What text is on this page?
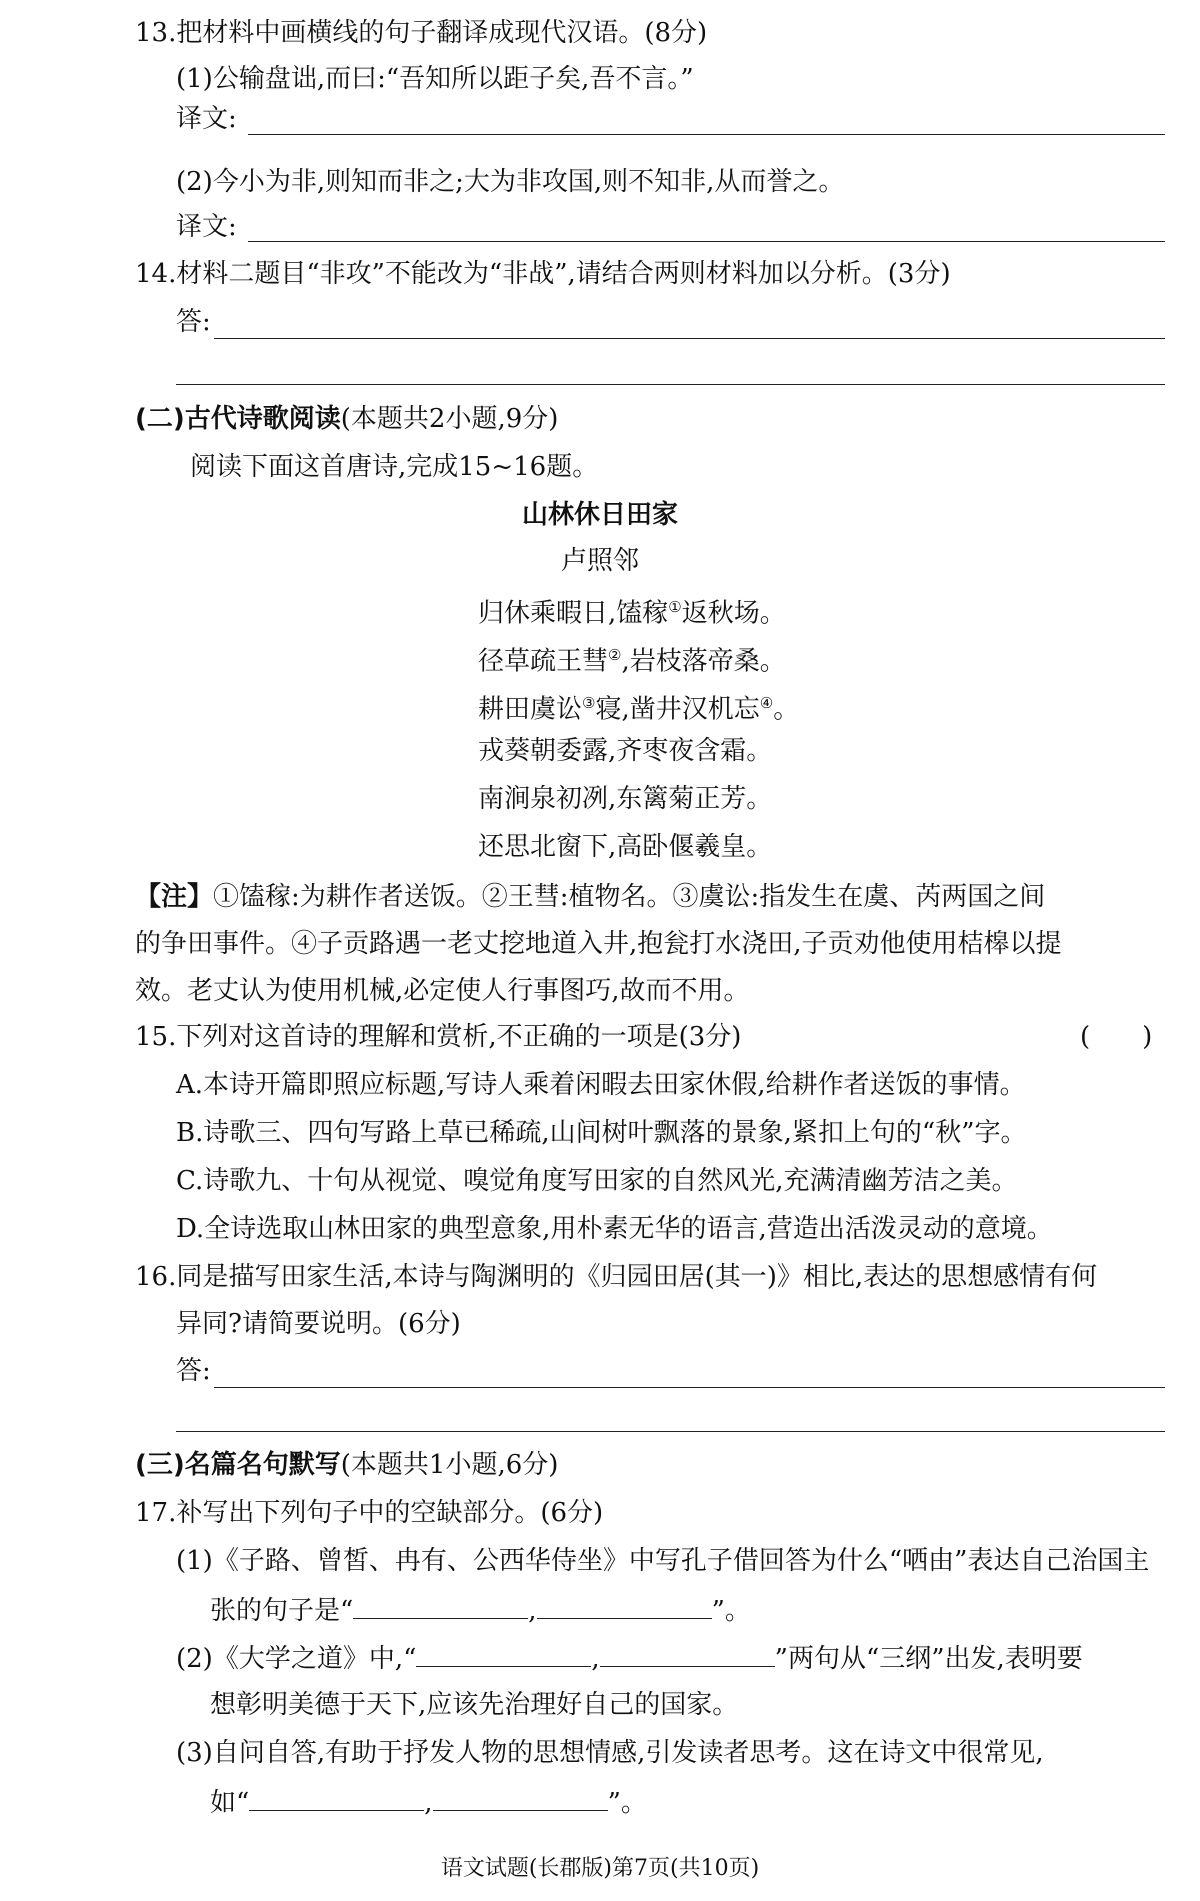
13.把材料中画横线的句子翻译成现代汉语。(8分)
(1)公输盘诎,而曰:“吾知所以距子矣,吾不言。”
译文:
(2)今小为非,则知而非之;大为非攻国,则不知非,从而誉之。
译文:
14.材料二题目“非攻”不能改为“非战”,请结合两则材料加以分析。(3分)
答:
(二)古代诗歌阅读(本题共2小题,9分)
阅读下面这首唐诗,完成15~16题。
山林休日田家
卢照邻
归休乘暇日,馌稼①返秋场。
径草疏王彗②,岩枝落帝桑。
耕田虞讼③寝,凿井汉机忘④。
戎葵朝委露,齐枣夜含霜。
南涧泉初冽,东篱菊正芳。
还思北窗下,高卧偃羲皇。
【注】①馌稼:为耕作者送饭。②王彗:植物名。③虞讼:指发生在虞、芮两国之间
的争田事件。④子贡路遇一老丈挖地道入井,抱瓮打水浇田,子贡劝他使用桔槔以提
效。老丈认为使用机械,必定使人行事图巧,故而不用。
15.下列对这首诗的理解和赏析,不正确的一项是(3分)	(　　)
A.本诗开篇即照应标题,写诗人乘着闲暇去田家休假,给耕作者送饭的事情。
B.诗歌三、四句写路上草已稀疏,山间树叶飘落的景象,紧扣上句的“秋”字。
C.诗歌九、十句从视觉、嗅觉角度写田家的自然风光,充满清幽芳洁之美。
D.全诗选取山林田家的典型意象,用朴素无华的语言,营造出活泼灵动的意境。
16.同是描写田家生活,本诗与陶渊明的《归园田居(其一)》相比,表达的思想感情有何
异同?请简要说明。(6分)
答:
(三)名篇名句默写(本题共1小题,6分)
17.补写出下列句子中的空缺部分。(6分)
(1)《子路、曾皙、冉有、公西华侍坐》中写孔子借回答为什么“哂由”表达自己治国主
张的句子是“	,	”。
(2)《大学之道》中,“	,	”两句从“三纲”出发,表明要
想彰明美德于天下,应该先治理好自己的国家。
(3)自问自答,有助于抒发人物的思想情感,引发读者思考。这在诗文中很常见,
如“	,	”。
语文试题(长郡版)第7页(共10页)
